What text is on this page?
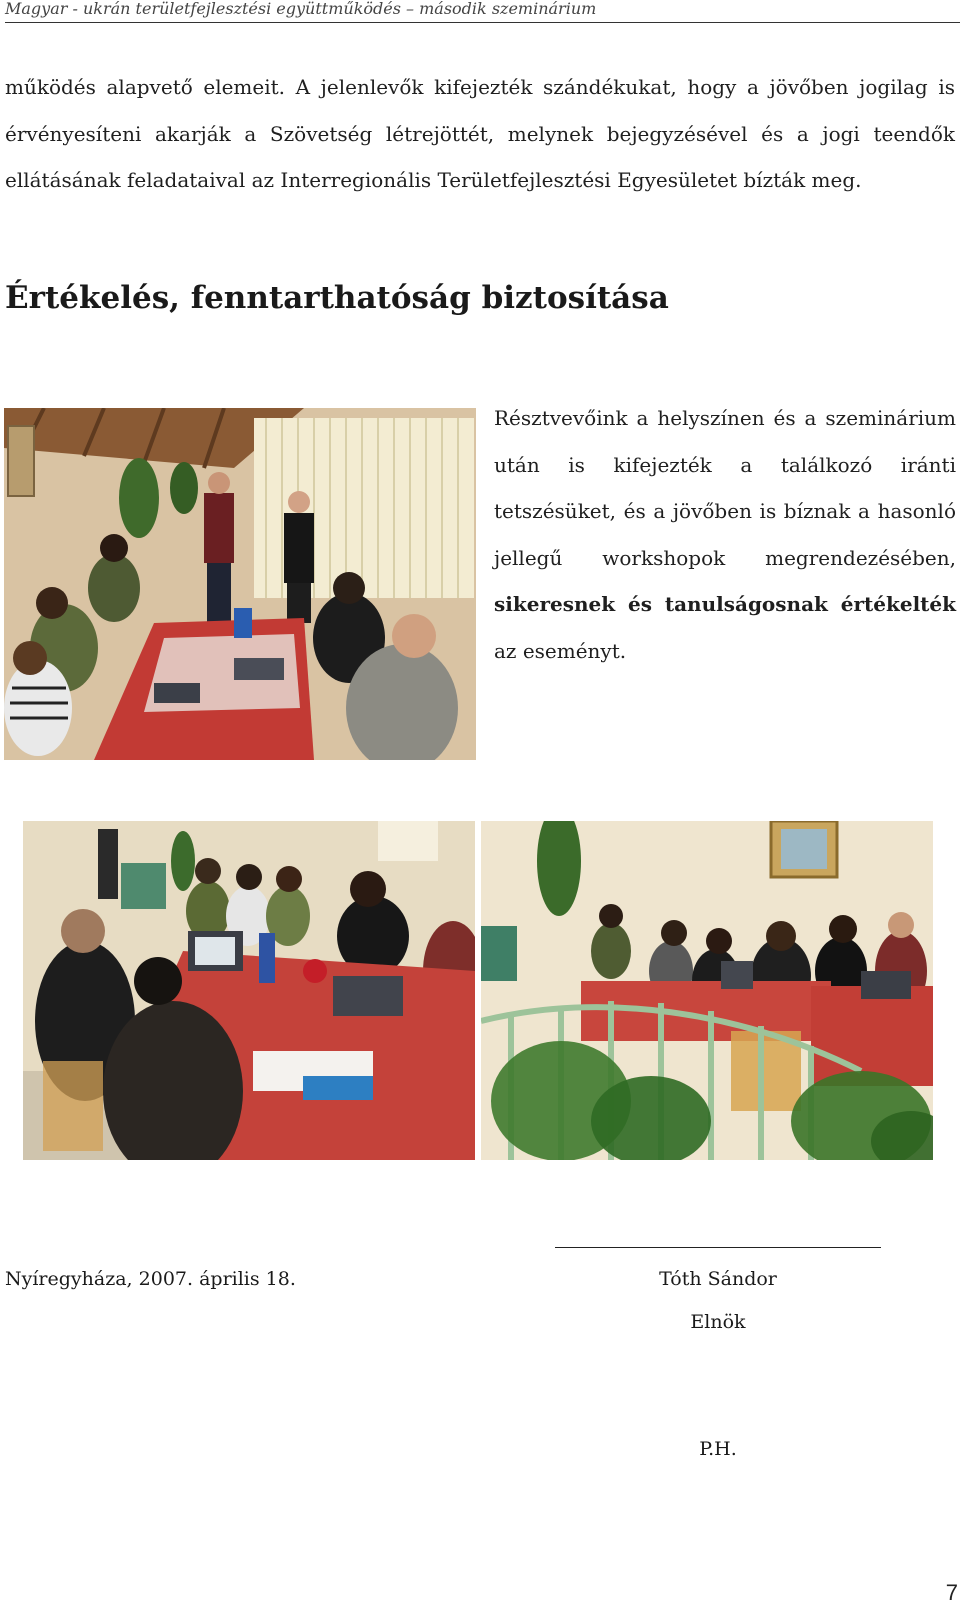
Magyar - ukrán területfejlesztési együttműködés – második szeminárium

működés alapvető elemeit. A jelenlevők kifejezték szándékukat, hogy a jövőben jogilag is érvényesíteni akarják a Szövetség létrejöttét, melynek bejegyzésével és a jogi teendők ellátásának feladataival az Interregionális Területfejlesztési Egyesületet bízták meg.

Értékelés, fenntarthatóság biztosítása
Résztvevőink a helyszínen és a szeminárium után is kifejezték a találkozó iránti tetszésüket, és a jövőben is bíznak a hasonló jellegű workshopok megrendezésében, sikeresnek és tanulságosnak értékelték az eseményt.
Nyíregyháza, 2007. április 18.	Tóth Sándor
Elnök
P.H.
7
